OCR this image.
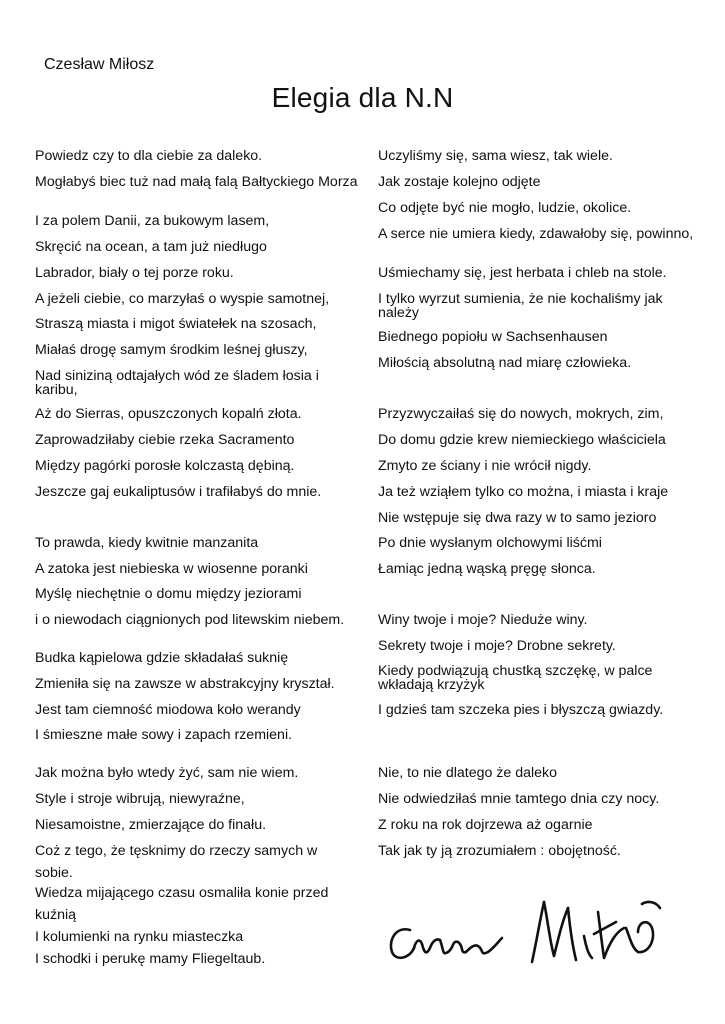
Czesław Miłosz
Elegia dla N.N
Powiedz czy to dla ciebie za daleko.
Mogłabyś biec tuż nad małą falą Bałtyckiego Morza
I za polem Danii, za bukowym lasem,
Skręcić na ocean, a tam już niedługo
Labrador, biały o tej porze roku.
A jeżeli ciebie, co marzyłaś o wyspie samotnej,
Straszą miasta i migot światełek na szosach,
Miałaś drogę samym środkim leśnej głuszy,
Nad siniziną odtajałych wód ze śladem łosia i karibu,
Aż do Sierras, opuszczonych kopalń złota.
Zaprowadziłaby ciebie rzeka Sacramento
Między pagórki porosłe kolczastą dębiną.
Jeszcze gaj eukaliptusów i trafiłabyś do mnie.
To prawda, kiedy kwitnie manzanita
A zatoka jest niebieska w wiosenne poranki
Myślę niechętnie o domu między jeziorami
i o niewodach ciągnionych pod litewskim niebem.
Budka kąpielowa gdzie składałaś suknię
Zmieniła się na zawsze w abstrakcyjny kryształ.
Jest tam ciemność miodowa koło werandy
I śmieszne małe sowy i zapach rzemieni.
Jak można było wtedy żyć, sam nie wiem.
Style i stroje wibrują, niewyraźne,
Niesamoistne, zmierzające do finału.
Coż z tego, że tęsknimy do rzeczy samych w
sobie.
Wiedza mijającego czasu osmaliła konie przed
kuźnią
I kolumienki na rynku miasteczka
I schodki i perukę mamy Fliegeltaub.
Uczyliśmy się, sama wiesz, tak wiele.
Jak zostaje kolejno odjęte
Co odjęte być nie mogło, ludzie, okolice.
A serce nie umiera kiedy, zdawałoby się, powinno,
Uśmiechamy się, jest herbata i chleb na stole.
I tylko wyrzut sumienia, że nie kochaliśmy jak należy
Biednego popiołu w Sachsenhausen
Miłością absolutną nad miarę człowieka.
Przyzwyczaiłaś się do nowych, mokrych, zim,
Do domu gdzie krew niemieckiego właściciela
Zmyto ze ściany i nie wrócił nigdy.
Ja też wziąłem tylko co można, i miasta i kraje
Nie wstępuje się dwa razy w to samo jezioro
Po dnie wysłanym olchowymi liśćmi
Łamiąc jedną wąską pręgę słonca.
Winy twoje i moje? Nieduże winy.
Sekrety twoje i moje? Drobne sekrety.
Kiedy podwiązują chustką szczękę, w palce wkładają krzyżyk
I gdzieś tam szczeka pies i błyszczą gwiazdy.
Nie, to nie dlatego że daleko
Nie odwiedziłaś mnie tamtego dnia czy nocy.
Z roku na rok dojrzewa aż ogarnie
Tak jak ty ją zrozumiałem : obojętność.
